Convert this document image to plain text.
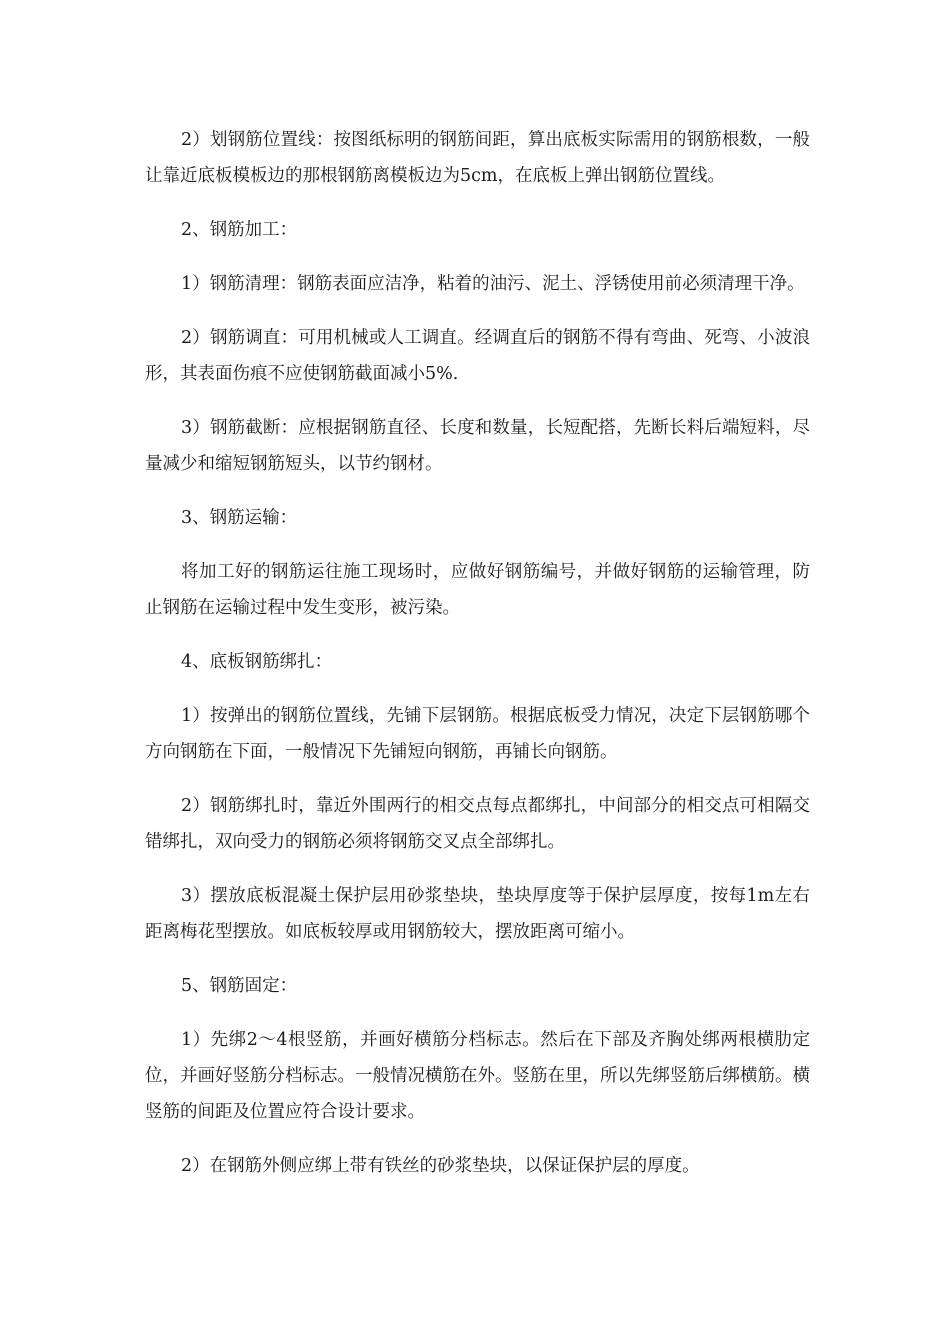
2）划钢筋位置线：按图纸标明的钢筋间距，算出底板实际需用的钢筋根数，一般让靠近底板模板边的那根钢筋离模板边为5cm，在底板上弹出钢筋位置线。

2、钢筋加工：

1）钢筋清理：钢筋表面应洁净，粘着的油污、泥土、浮锈使用前必须清理干净。

2）钢筋调直：可用机械或人工调直。经调直后的钢筋不得有弯曲、死弯、小波浪形，其表面伤痕不应使钢筋截面减小5%.

3）钢筋截断：应根据钢筋直径、长度和数量，长短配搭，先断长料后端短料，尽量减少和缩短钢筋短头，以节约钢材。

3、钢筋运输：

将加工好的钢筋运往施工现场时，应做好钢筋编号，并做好钢筋的运输管理，防止钢筋在运输过程中发生变形，被污染。

4、底板钢筋绑扎：

1）按弹出的钢筋位置线，先铺下层钢筋。根据底板受力情况，决定下层钢筋哪个方向钢筋在下面，一般情况下先铺短向钢筋，再铺长向钢筋。

2）钢筋绑扎时，靠近外围两行的相交点每点都绑扎，中间部分的相交点可相隔交错绑扎，双向受力的钢筋必须将钢筋交叉点全部绑扎。

3）摆放底板混凝土保护层用砂浆垫块，垫块厚度等于保护层厚度，按每1m左右距离梅花型摆放。如底板较厚或用钢筋较大，摆放距离可缩小。

5、钢筋固定：

1）先绑2～4根竖筋，并画好横筋分档标志。然后在下部及齐胸处绑两根横肋定位，并画好竖筋分档标志。一般情况横筋在外。竖筋在里，所以先绑竖筋后绑横筋。横竖筋的间距及位置应符合设计要求。

2）在钢筋外侧应绑上带有铁丝的砂浆垫块，以保证保护层的厚度。
